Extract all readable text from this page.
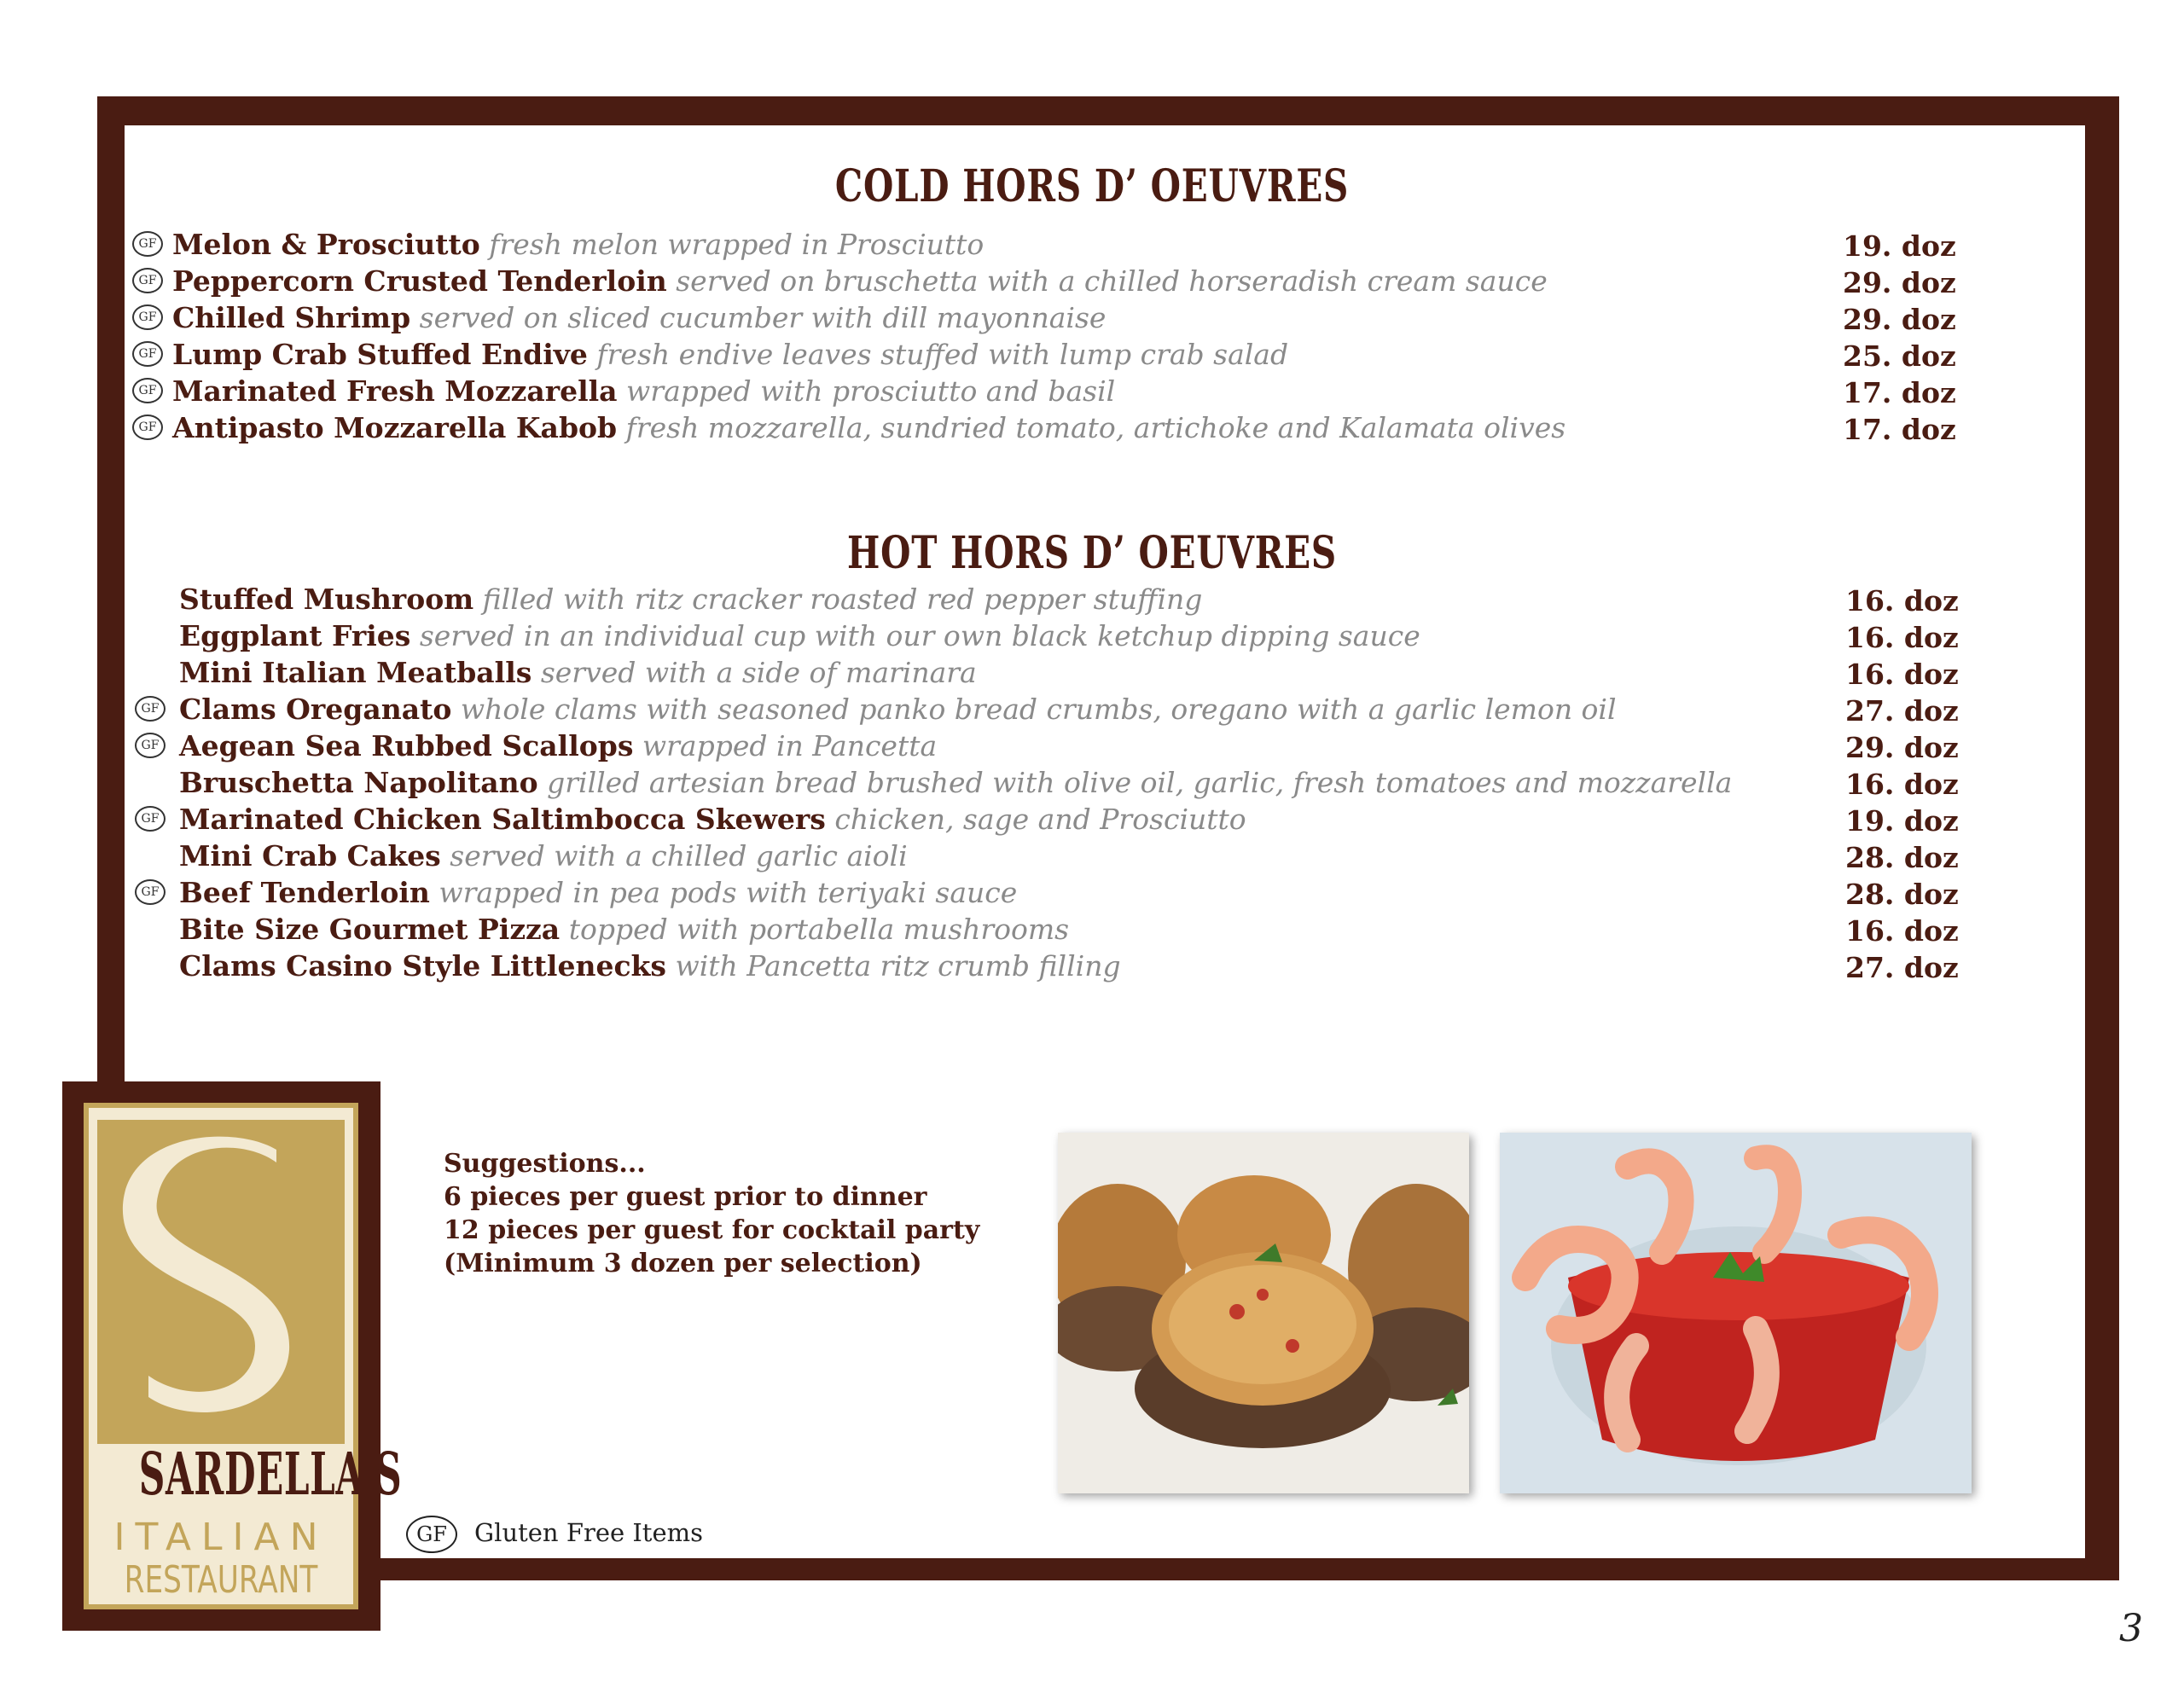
COLD HORS D’ OEUVRES
GF Melon & Prosciutto fresh melon wrapped in Prosciutto	19. doz
GF Peppercorn Crusted Tenderloin served on bruschetta with a chilled horseradish cream sauce	29. doz
GF Chilled Shrimp served on sliced cucumber with dill mayonnaise	29. doz
GF Lump Crab Stuffed Endive fresh endive leaves stuffed with lump crab salad	25. doz
GF Marinated Fresh Mozzarella wrapped with prosciutto and basil	17. doz
GF Antipasto Mozzarella Kabob fresh mozzarella, sundried tomato, artichoke and Kalamata olives	17. doz
HOT HORS D’ OEUVRES
Stuffed Mushroom filled with ritz cracker roasted red pepper stuffing	16. doz
Eggplant Fries served in an individual cup with our own black ketchup dipping sauce	16. doz
Mini Italian Meatballs served with a side of marinara	16. doz
GF Clams Oreganato whole clams with seasoned panko bread crumbs, oregano with a garlic lemon oil	27. doz
GF Aegean Sea Rubbed Scallops wrapped in Pancetta	29. doz
Bruschetta Napolitano grilled artesian bread brushed with olive oil, garlic, fresh tomatoes and mozzarella	16. doz
GF Marinated Chicken Saltimbocca Skewers chicken, sage and Prosciutto	19. doz
Mini Crab Cakes served with a chilled garlic aioli	28. doz
GF Beef Tenderloin wrapped in pea pods with teriyaki sauce	28. doz
Bite Size Gourmet Pizza topped with portabella mushrooms	16. doz
Clams Casino Style Littlenecks with Pancetta ritz crumb filling	27. doz
SARDELLA'S
ITALIAN
RESTAURANT
Suggestions...
6 pieces per guest prior to dinner
12 pieces per guest for cocktail party
(Minimum 3 dozen per selection)
GF	Gluten Free Items
3
